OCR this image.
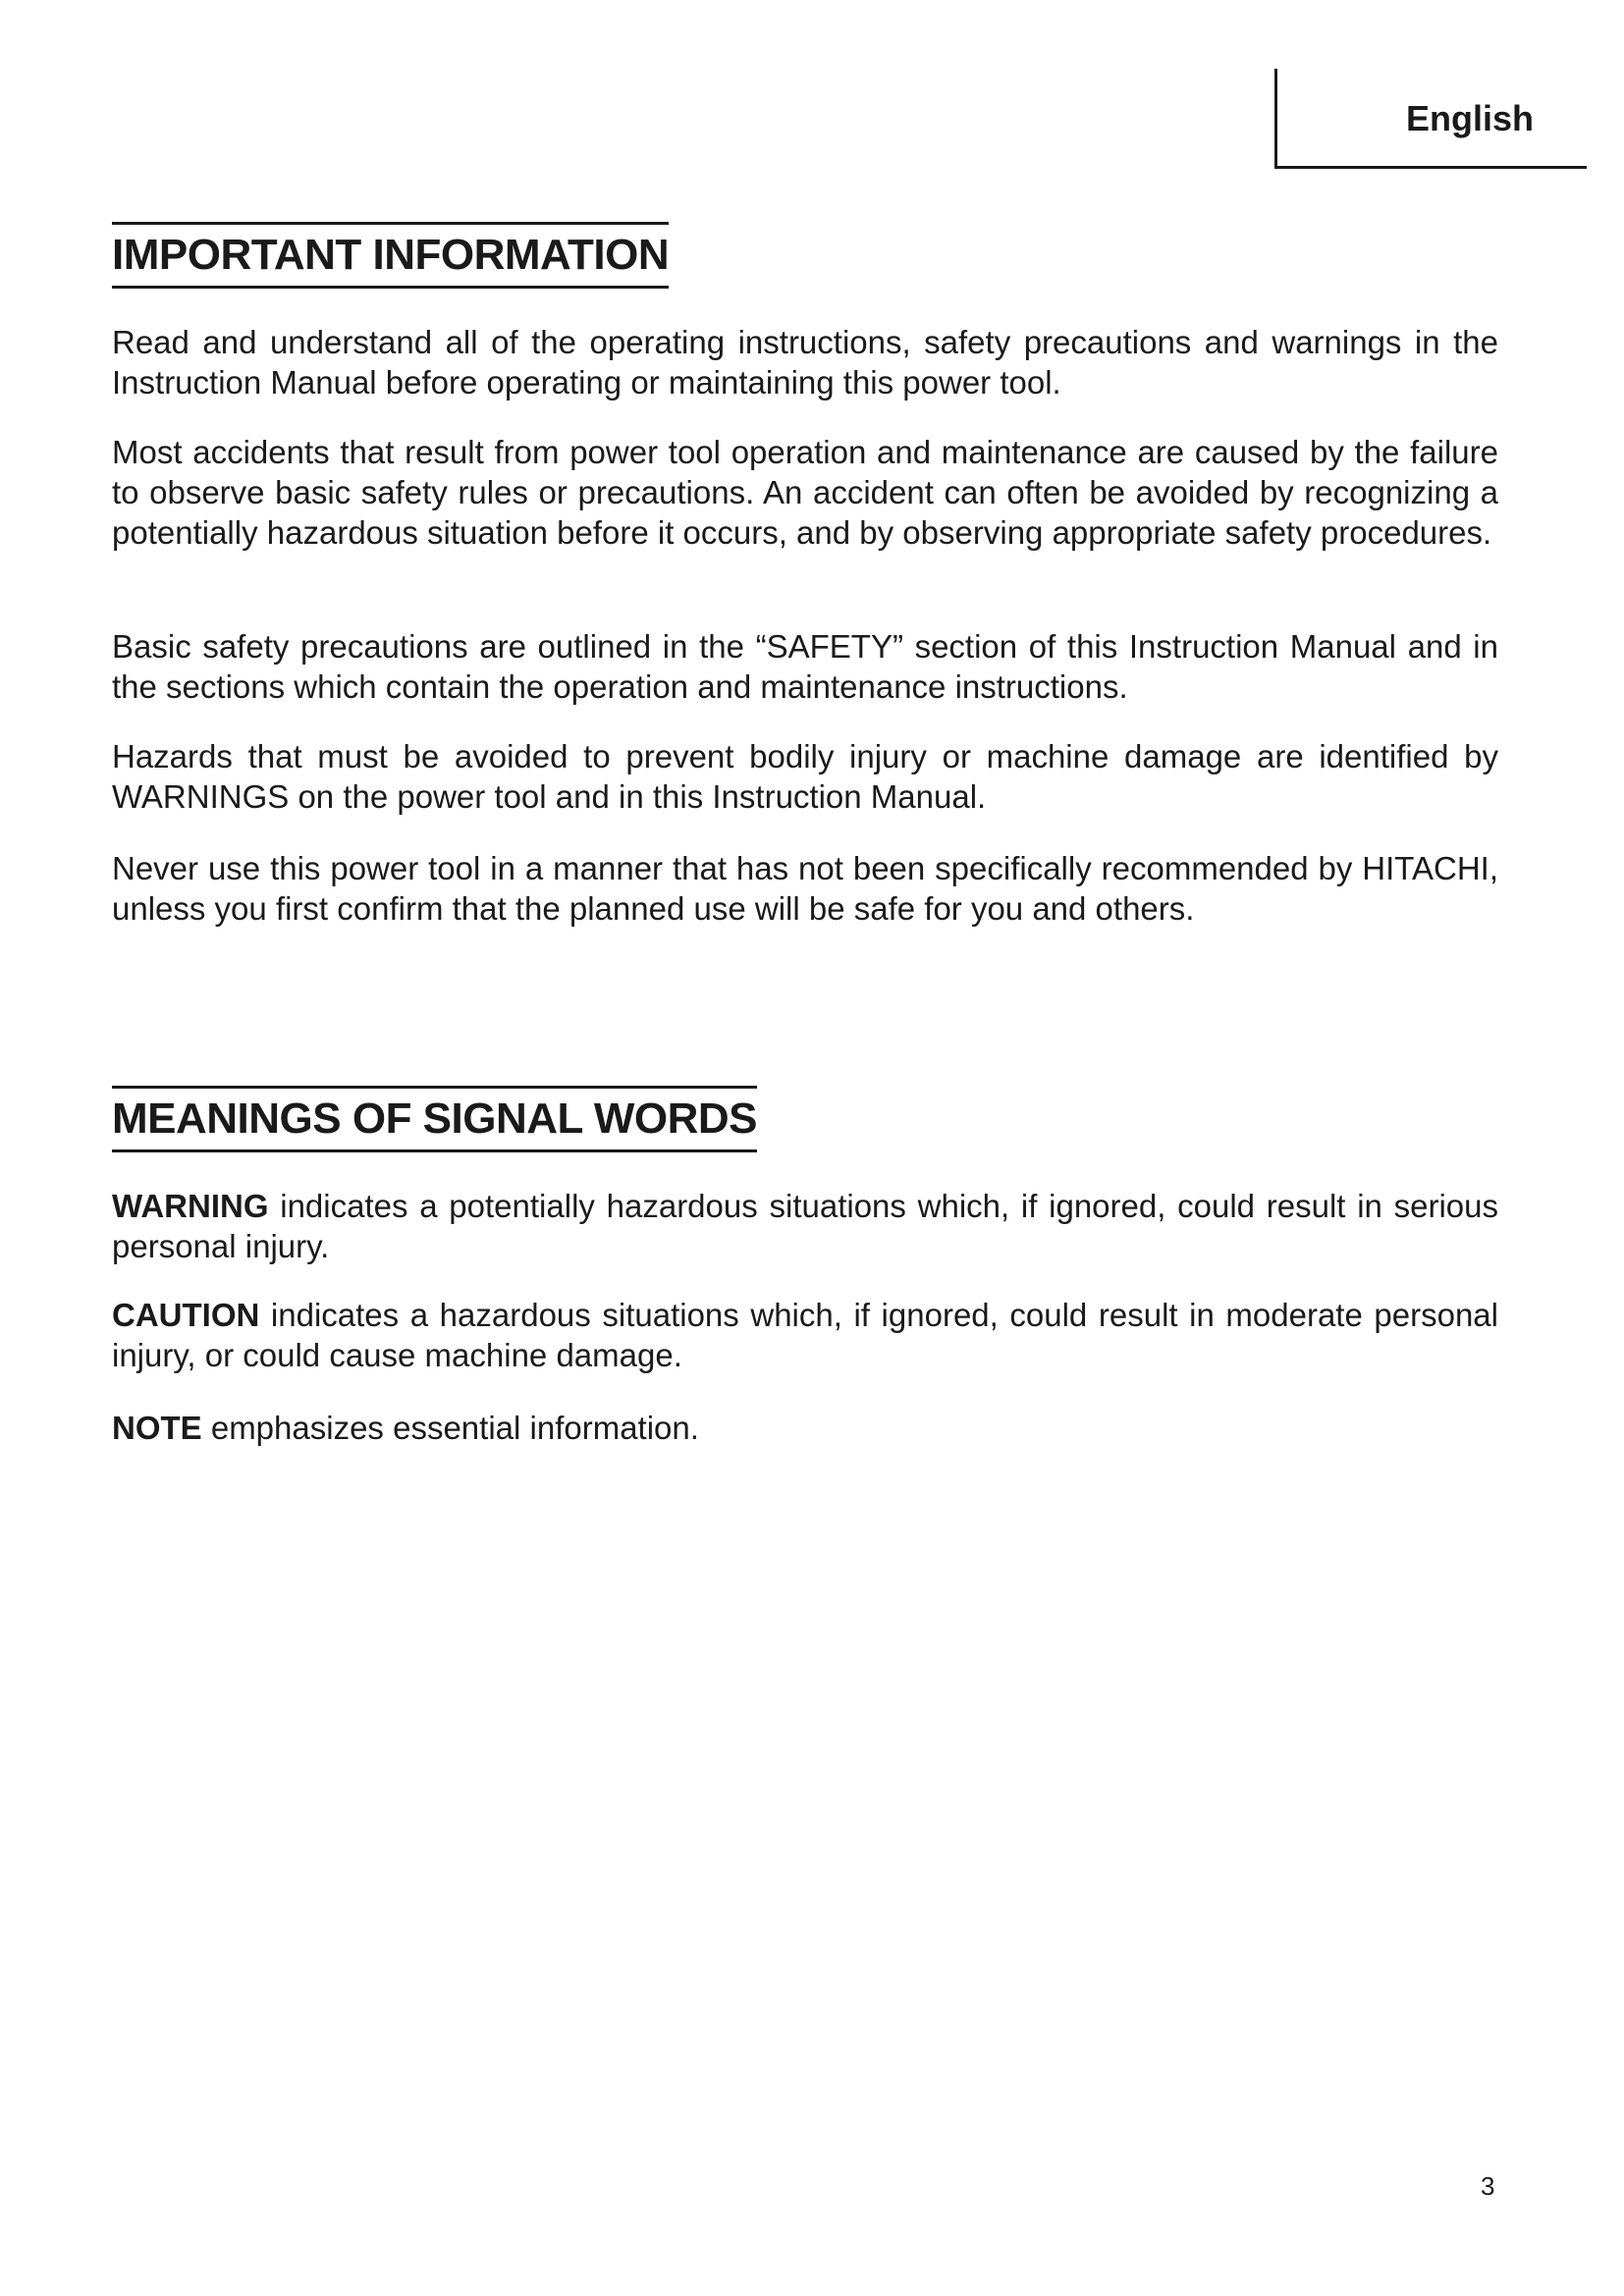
English
IMPORTANT INFORMATION

Read and understand all of the operating instructions, safety precautions and warnings in the Instruction Manual before operating or maintaining this power tool.

Most accidents that result from power tool operation and maintenance are caused by the failure to observe basic safety rules or precautions. An accident can often be avoided by recognizing a potentially hazardous situation before it occurs, and by observing appropriate safety procedures.

Basic safety precautions are outlined in the “SAFETY” section of this Instruction Manual and in the sections which contain the operation and maintenance instructions.

Hazards that must be avoided to prevent bodily injury or machine damage are identified by WARNINGS on the power tool and in this Instruction Manual.

Never use this power tool in a manner that has not been specifically recommended by HITACHI, unless you first confirm that the planned use will be safe for you and others.

MEANINGS OF SIGNAL WORDS

WARNING indicates a potentially hazardous situations which, if ignored, could result in serious personal injury.

CAUTION indicates a hazardous situations which, if ignored, could result in moderate personal injury, or could cause machine damage.

NOTE emphasizes essential information.

3
